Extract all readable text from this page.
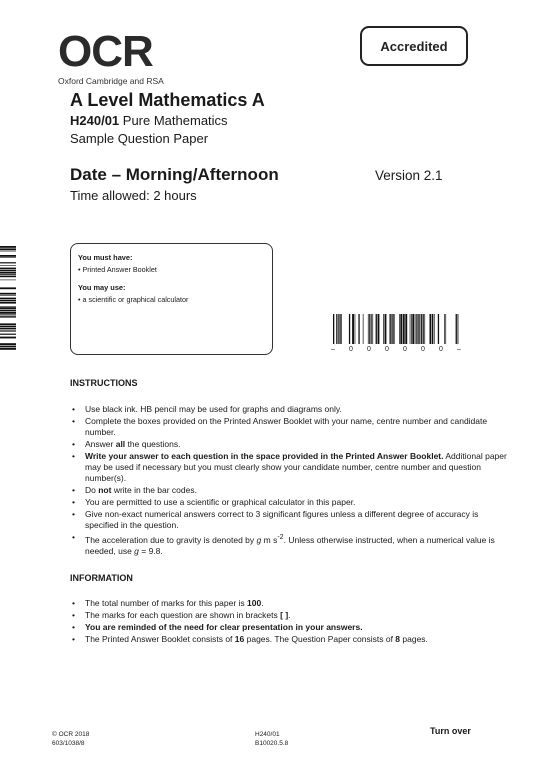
OCR
Oxford Cambridge and RSA
Accredited
A Level Mathematics A
H240/01 Pure Mathematics
Sample Question Paper
Date – Morning/Afternoon	Version 2.1
Time allowed: 2 hours
You must have:
• Printed Answer Booklet
You may use:
• a scientific or graphical calculator
– 0 0 0 0 0 0 –
INSTRUCTIONS
• Use black ink. HB pencil may be used for graphs and diagrams only.
• Complete the boxes provided on the Printed Answer Booklet with your name, centre number and candidate number.
• Answer all the questions.
• Write your answer to each question in the space provided in the Printed Answer Booklet. Additional paper may be used if necessary but you must clearly show your candidate number, centre number and question number(s).
• Do not write in the bar codes.
• You are permitted to use a scientific or graphical calculator in this paper.
• Give non-exact numerical answers correct to 3 significant figures unless a different degree of accuracy is specified in the question.
• The acceleration due to gravity is denoted by g m $s^{-2}$. Unless otherwise instructed, when a numerical value is needed, use g = 9.8.
INFORMATION
• The total number of marks for this paper is 100.
• The marks for each question are shown in brackets [ ].
• You are reminded of the need for clear presentation in your answers.
• The Printed Answer Booklet consists of 16 pages. The Question Paper consists of 8 pages.
© OCR 2018
603/1038/8
H240/01
B10020.5.8
Turn over
